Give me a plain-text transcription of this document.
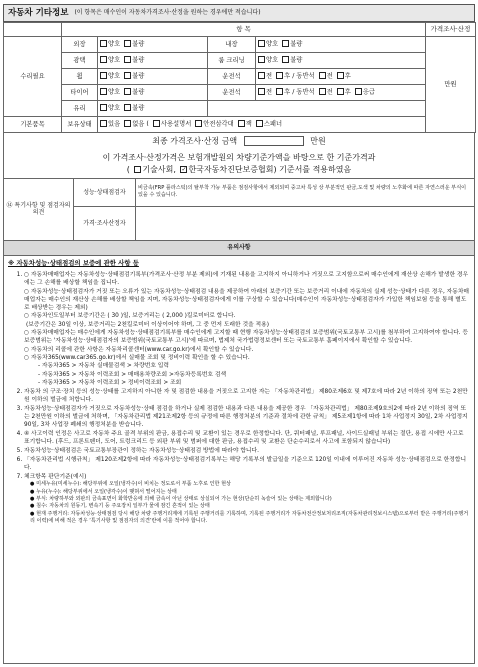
자동차 기타정보 (이 항목은 매수인이 자동차가격조사·산정을 원하는 경우에만 적습니다)
	항 목				가격조사·산정
수리필요	외장	양호 불량	내장	양호 불량	만원
	광택	양호 불량	룸 크리닝	양호 불량	
	휠	양호 불량	운전석	전 후 / 동반석 전 후	
	타이어	양호 불량	운전석	전 후 / 동반석 전 후 응급	
	유리	양호 불량			
기본품목	보유상태	있음 없음 ( 사용설명서 안전삼각대 잭 스패너			
최종 가격조사·산정 금액	만원
이 가격조사·산정가격은 보험개발원의 차량기준가액을 바탕으로 한 기준가격과
( 기술사회, ✓ 한국자동차진단보증협회) 기준서를 적용하였음
⑭ 특기사항 및 점검자의 의견	성능·상태점검자	비금속(FRP 플라스틱)의 탈부착 가능 부품은 점검사항에서 제외되며 중고차 특성 상 부분적인 판금,도색 및 차량의 노후화에 따른 자연스러운 부식이 있을 수 있습니다.
	가격·조사산정자	
유의사항		
※ 자동차성능·상태점검의 보증에 관한 사항 등
1. ○ 자동차매매업자는 자동차성능·상태점검기록부(가격조사·산정 부분 제외)에 기재된 내용을 고지하지 아니하거나 거짓으로 고지함으로써 매수인에게 재산상 손해가 발생한 경우에는 그 손해를 배상할 책임을 집니다.
○ 자동차성능·상태점검자가 거짓 또는 오류가 있는 자동차성능·상태점검 내용을 제공하여 아래의 보증기간 또는 보증거리 이내에 자동차의 실제 성능·상태가 다른 경우, 자동차매매업자는 매수인의 재산상 손해를 배상할 책임을 지며, 자동차성능·상태점검자에게 이를 구상할 수 있습니다(매수인이 자동차성능·상태점검자가 가입한 책임보험 등을 통해 별도로 배상받는 경우는 제외)
○ 자동차인도일부터 보증기간은 ( 30 )일, 보증거리는 ( 2,000 )킬로미터로 합니다.
(보증기간은 30일 이상, 보증거리는 2천킬로미터 이상이어야 하며, 그 중 먼저 도래한 것을 적용)
○ 자동차매매업자는 매수인에게 자동차성능·상태점검기록부를 매수인에게 고지할 때 현행 자동차성능·상태점검의 보증범위(국토교통부 고시)를 첨부하여 고지하여야 합니다. 등 보증범위는 '자동차성능·상태점검자의 보증범위(국토교통부 고시)'에 따르며, 법제처 국가법령정보센터 또는 국토교통부 홈페이지에서 확인할 수 있습니다.
○ 자동차의 리콜에 관한 사항은 자동차리콜센터(www.car.go.kr)에서 확인할 수 있습니다.
○ 자동차365(www.car365.go.kr)에서 실매물 조회 및 정비이력 확인을 할 수 있습니다.
- 자동차365 > 자동차 실매물검색 > 차량번호 입력
- 자동차365 > 자동차 이력조회 > 매매용차량조회 >자동차등록번호 검색
- 자동차365 > 자동차 이력조회 > 정비이력조회 > 조회
2. 자동차 의 구조·장치 등의 성능·상태를 고지하지 아니한 자 및 점검한 내용을 거짓으로 고지한 자는 「자동차관리법」 제80조제6호 및 제7호에 따라 2년 이하의 징역 또는 2천만원 이하의 벌금에 처합니다.
3. 자동차성능·상태점검자가 거짓으로 자동차성능·상태 점검을 하거나 실제 점검한 내용과 다른 내용을 제공한 경우 「자동차관리법」 제80조제9호의2에 따라 2년 이하의 징역 또는 2천만원 이하의 벌금에 처하며, 「자동차관리법 제21조제2항 등의 규정에 따른 행정처분의 기준과 절차에 관한 규칙」 제5조제1항에 따라 1차 사업정지 30일, 2차 사업정지 90일, 3차 사업장 폐쇄의 행정처분을 받습니다.
4. ④ 사고이력 인정은 사고로 자동차 주요 골격 부위의 판금, 용접수리 및 교환이 있는 경우로 한정합니다. 단, 쿼터패널, 루프패널, 사이드실패널 부위는 절단, 용접 시에만 사고로 표기합니다. (후드, 프론트펜더, 도어, 트렁크리드 등 외판 부위 및 범퍼에 대한 판금, 용접수리 및 교환은 단순수리로서 사고에 포함되지 않습니다)
5. 자동차성능·상태점검은 국토교통부장관이 정하는 자동차성능·상태점검 방법에 따라야 합니다.
6. 「자동차관리법 시행규칙」 제120조제2항에 따라 자동차성능·상태점검기록부는 해당 기록부의 발급일을 기준으로 120일 이내에 이루어진 자동차 성능·상태점검으로 한정합니다.
7. 체크항목 판단기준(예시)
● 미세누유(미세누수): 해당부위에 오일(냉각수)이 비치는 정도로서 부품 노후로 인한 현상
● 누유(누수): 해당부위에서 오일(냉각수)이 맺혀서 떨어지는 상태
● 부식: 차량하부와 외판의 금속표면이 화학반응에 의해 금속이 아닌 상태로 상실되어 가는 현상(단순히 녹슬어 있는 상태는 제외합니다)
● 침수: 자동차의 원동기, 변속기 등 주요장치 일부가 물에 잠긴 흔적이 있는 상태
● 현재 주행거리: 자동차성능·상태점검 당시 해당 차량 주행거리계에 기록된 주행거리를 기록하며, 기록된 주행거리가 자동차전산정보처리조직(자동차관리정보시스템)으로부터 받은 주행거리(주행거리 이력)에 비해 적은 경우 ‘특기사항 및 점검자의 의견’란에 이를 적어야 합니다.
